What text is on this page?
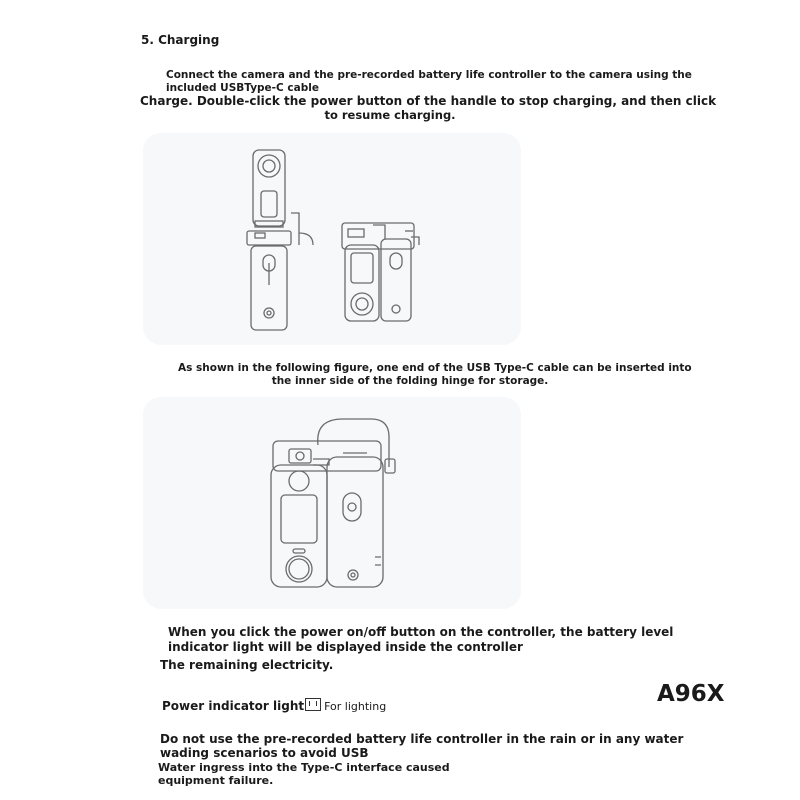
5. Charging
Connect the camera and the pre-recorded battery life controller to the camera using the
included USBType-C cable
Charge. Double-click the power button of the handle to stop charging, and then click
to resume charging.
As shown in the following figure, one end of the USB Type-C cable can be inserted into
the inner side of the folding hinge for storage.
When you click the power on/off button on the controller, the battery level
indicator light will be displayed inside the controller
The remaining electricity.
Power indicator light For lighting	A96X
Do not use the pre-recorded battery life controller in the rain or in any water
wading scenarios to avoid USB
Water ingress into the Type-C interface caused
equipment failure.
